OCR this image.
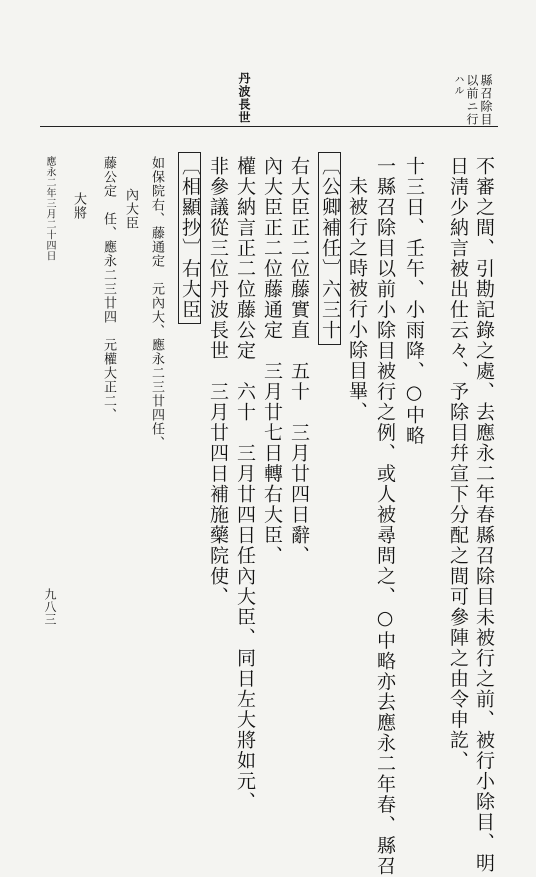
縣召除目
以前ニ行
ハル
丹波長世
不審之間、引勘記錄之處、去應永二年春縣召除目未被行之前、被行小除目、明
日淸少納言被出仕云々、予除目幷宣下分配之間可參陣之由令申訖、
十三日、壬午、小雨降、○中略
一縣召除目以前小除目被行之例、或人被尋問之、○中略亦去應永二年春、縣召
未被行之時被行小除目畢、
〔公卿補任〕六三十
右大臣正二位藤實直　五十　三月廿四日辭、
內大臣正二位藤通定　三月廿七日轉右大臣、
權大納言正二位藤公定　六十　三月廿四日任內大臣、同日左大將如元、
非參議從三位丹波長世　三月廿四日補施藥院使、
〔相顯抄〕右大臣
如保院右、藤通定　元內大、應永二三廿四任、
內大臣
藤公定　任、應永二三廿四　元權大正二、
大將
應永二年三月二十四日
九八三
